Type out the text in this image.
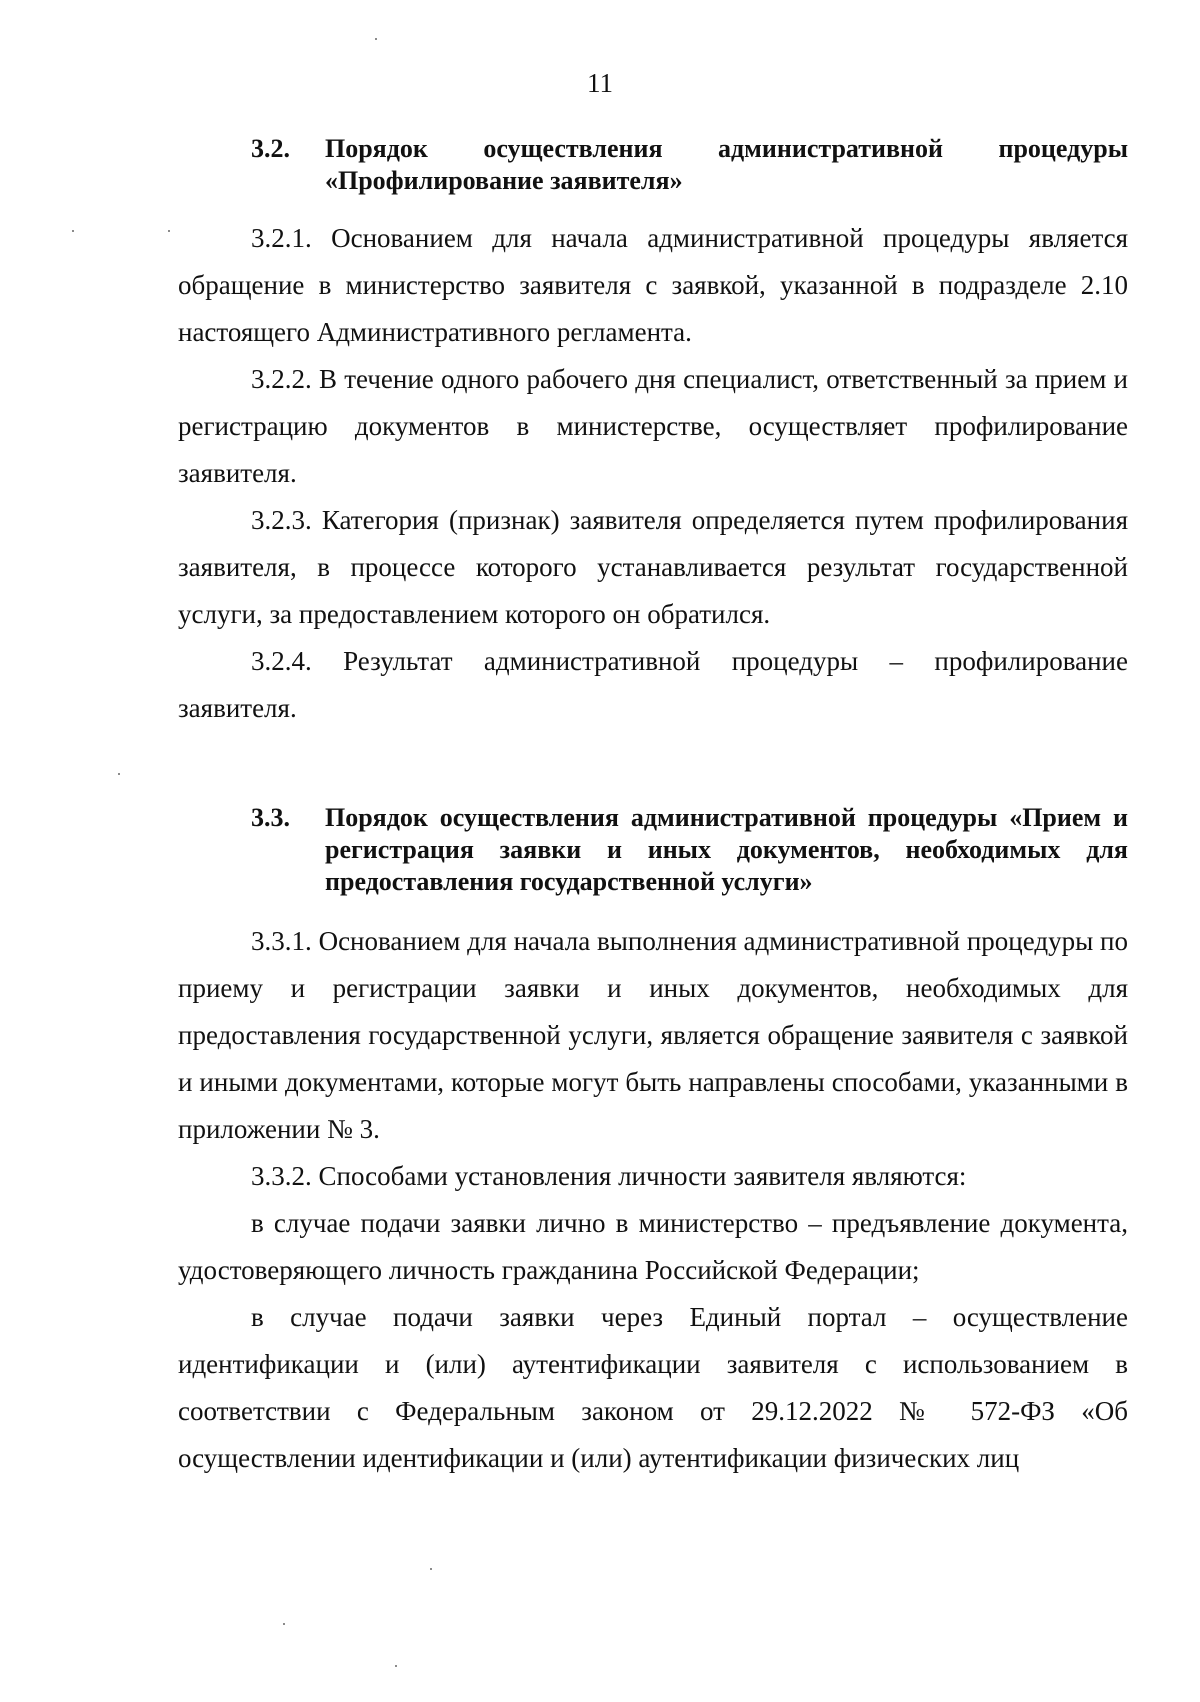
11
3.2.	Порядок осуществления административной процедуры «Профилирование заявителя»

3.2.1. Основанием для начала административной процедуры является обращение в министерство заявителя с заявкой, указанной в подразделе 2.10 настоящего Административного регламента.

3.2.2. В течение одного рабочего дня специалист, ответственный за прием и регистрацию документов в министерстве, осуществляет профилирование заявителя.

3.2.3. Категория (признак) заявителя определяется путем профилирования заявителя, в процессе которого устанавливается результат государственной услуги, за предоставлением которого он обратился.

3.2.4. Результат административной процедуры – профилирование заявителя.

3.3.	Порядок осуществления административной процедуры «Прием и регистрация заявки и иных документов, необходимых для предоставления государственной услуги»

3.3.1. Основанием для начала выполнения административной процедуры по приему и регистрации заявки и иных документов, необходимых для предоставления государственной услуги, является обращение заявителя с заявкой и иными документами, которые могут быть направлены способами, указанными в приложении № 3.

3.3.2. Способами установления личности заявителя являются:

в случае подачи заявки лично в министерство – предъявление документа, удостоверяющего личность гражданина Российской Федерации;

в случае подачи заявки через Единый портал – осуществление идентификации и (или) аутентификации заявителя с использованием в соответствии с Федеральным законом от 29.12.2022 № 572-ФЗ «Об осуществлении идентификации и (или) аутентификации физических лиц
